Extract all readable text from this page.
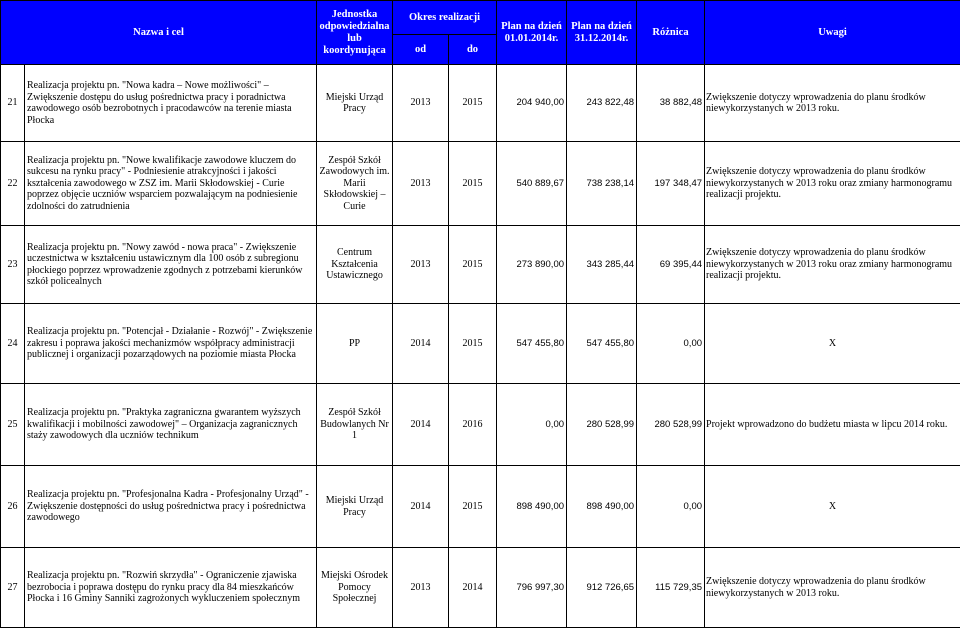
Nazwa i cel		Jednostka odpowiedzialna lub koordynująca	Okres realizacji		Plan na dzień 01.01.2014r.	Plan na dzień 31.12.2014r.	Różnica	Uwagi
			od	do				
21	Realizacja projektu pn. "Nowa kadra – Nowe możliwości" – Zwiększenie dostępu do usług pośrednictwa pracy i poradnictwa zawodowego osób bezrobotnych i pracodawców na terenie miasta Płocka	Miejski Urząd Pracy	2013	2015	204 940,00	243 822,48	38 882,48	Zwiększenie dotyczy wprowadzenia do planu środków niewykorzystanych w 2013 roku.
22	Realizacja projektu pn. "Nowe kwalifikacje zawodowe kluczem do sukcesu na rynku pracy" - Podniesienie atrakcyjności i jakości kształcenia zawodowego w ZSZ im. Marii Skłodowskiej - Curie poprzez objęcie uczniów wsparciem pozwalającym na podniesienie zdolności do zatrudnienia	Zespół Szkół Zawodowych im. Marii Skłodowskiej – Curie	2013	2015	540 889,67	738 238,14	197 348,47	Zwiększenie dotyczy wprowadzenia do planu środków niewykorzystanych w 2013 roku oraz zmiany harmonogramu realizacji projektu.
23	Realizacja projektu pn. "Nowy zawód - nowa praca" - Zwiększenie uczestnictwa w kształceniu ustawicznym dla 100 osób z subregionu płockiego poprzez wprowadzenie zgodnych z potrzebami kierunków szkół policealnych	Centrum Kształcenia Ustawicznego	2013	2015	273 890,00	343 285,44	69 395,44	Zwiększenie dotyczy wprowadzenia do planu środków niewykorzystanych w 2013 roku oraz zmiany harmonogramu realizacji projektu.
24	Realizacja projektu pn. "Potencjał - Działanie - Rozwój" - Zwiększenie zakresu i poprawa jakości mechanizmów współpracy administracji publicznej i organizacji pozarządowych na poziomie miasta Płocka	PP	2014	2015	547 455,80	547 455,80	0,00	X
25	Realizacja projektu pn. "Praktyka zagraniczna gwarantem wyższych kwalifikacji i mobilności zawodowej" – Organizacja zagranicznych staży zawodowych dla uczniów technikum	Zespół Szkół Budowlanych Nr 1	2014	2016	0,00	280 528,99	280 528,99	Projekt wprowadzono do budżetu miasta w lipcu 2014 roku.
26	Realizacja projektu pn. "Profesjonalna Kadra - Profesjonalny Urząd" - Zwiększenie dostępności do usług pośrednictwa pracy i pośrednictwa zawodowego	Miejski Urząd Pracy	2014	2015	898 490,00	898 490,00	0,00	X
27	Realizacja projektu pn. "Rozwiń skrzydła" - Ograniczenie zjawiska bezrobocia i poprawa dostępu do rynku pracy dla 84 mieszkańców Płocka i 16 Gminy Sanniki zagrożonych wykluczeniem społecznym	Miejski Ośrodek Pomocy Społecznej	2013	2014	796 997,30	912 726,65	115 729,35	Zwiększenie dotyczy wprowadzenia do planu środków niewykorzystanych w 2013 roku.
